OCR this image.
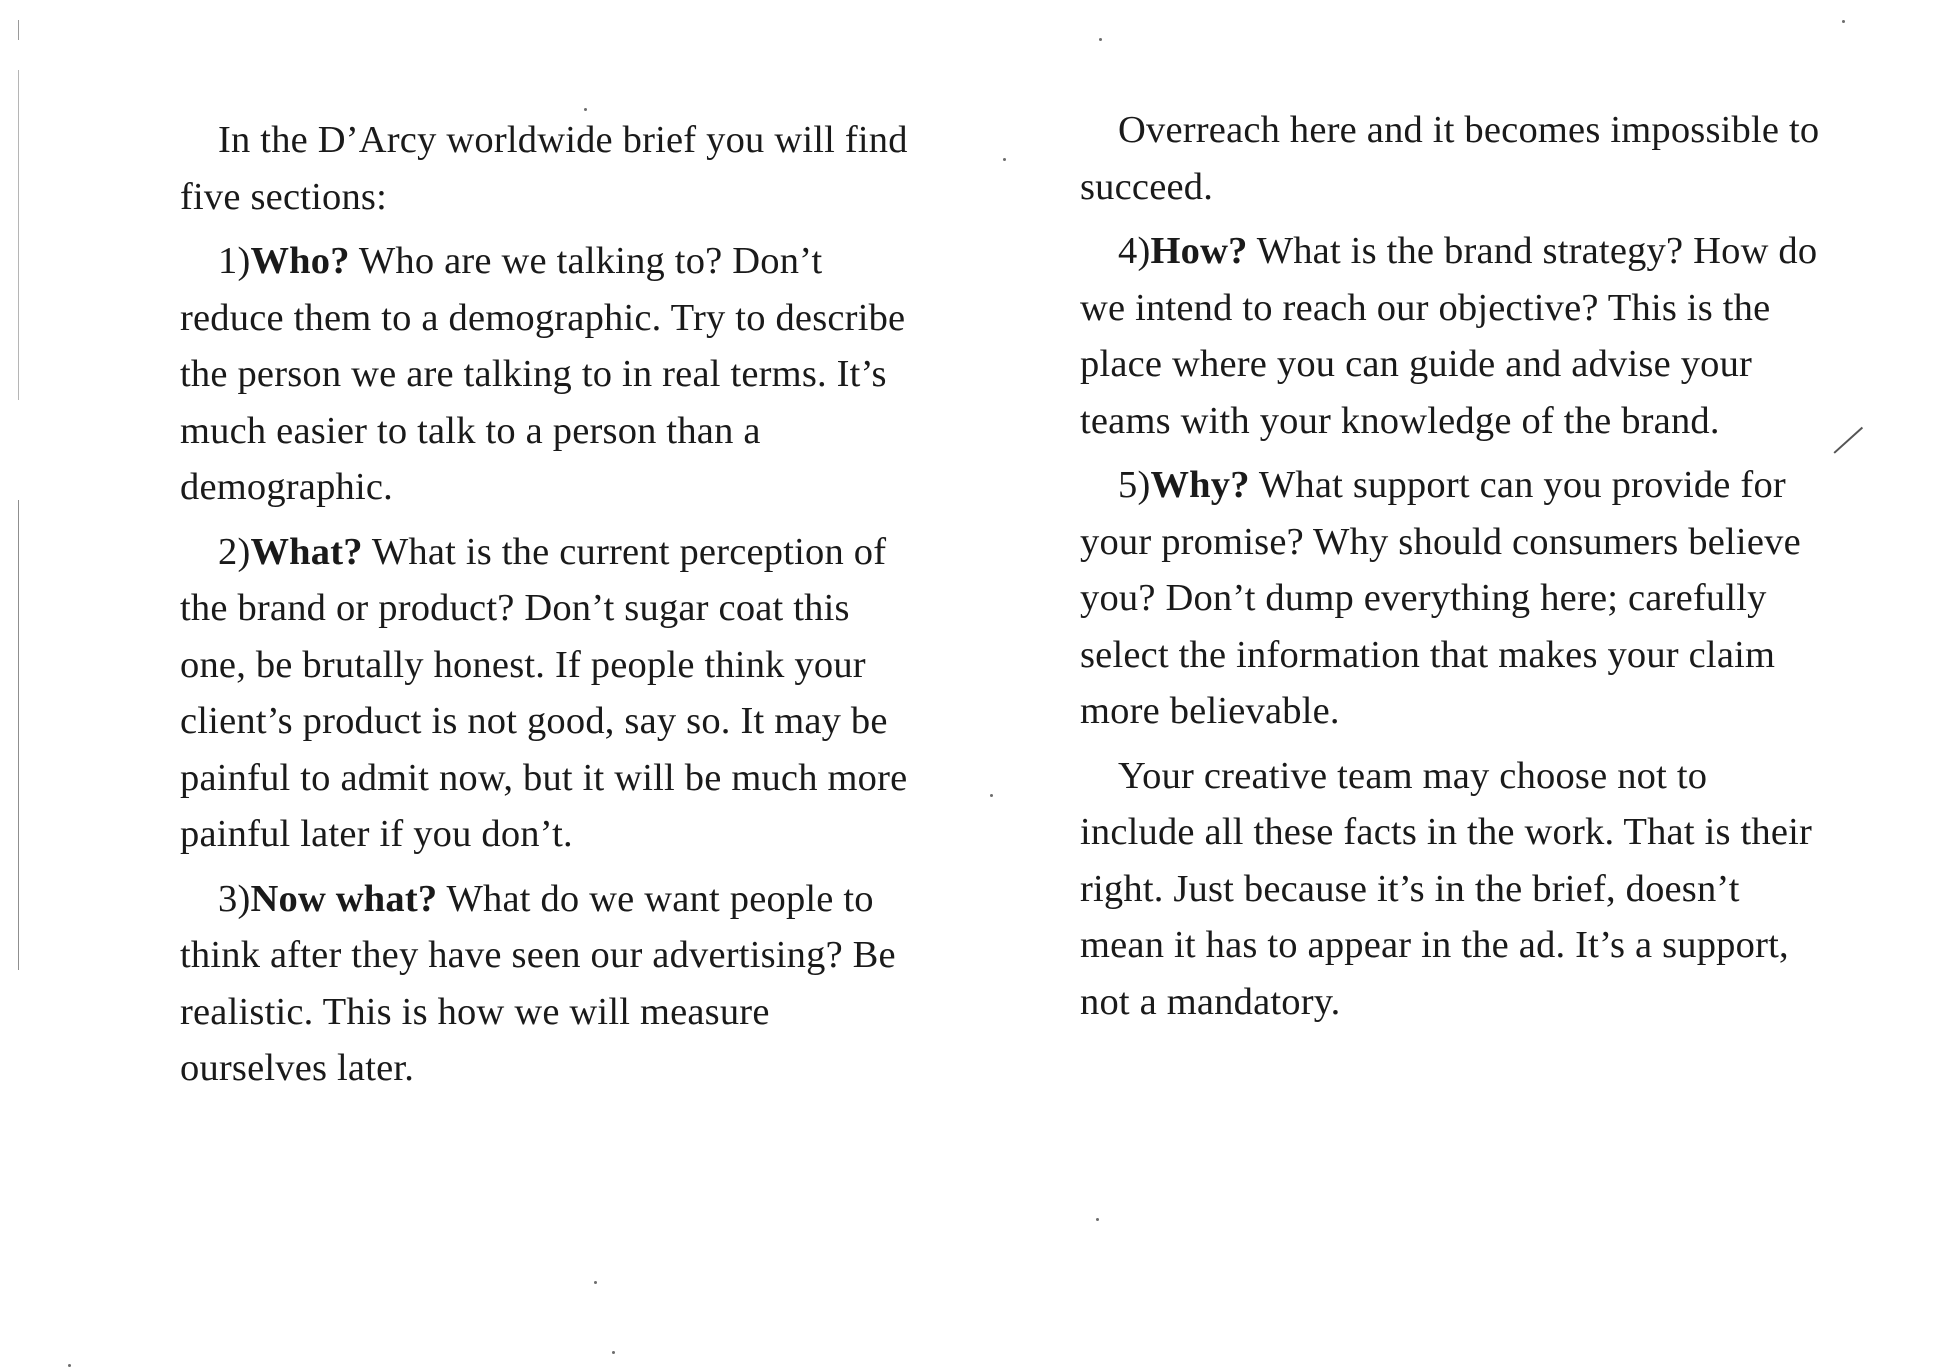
In the D’Arcy worldwide brief you will find five sections:

1)Who? Who are we talking to? Don’t reduce them to a demographic. Try to describe the person we are talking to in real terms. It’s much easier to talk to a person than a demographic.

2)What? What is the current perception of the brand or product? Don’t sugar coat this one, be brutally honest. If people think your client’s product is not good, say so. It may be painful to admit now, but it will be much more painful later if you don’t.

3)Now what? What do we want people to think after they have seen our advertising? Be realistic. This is how we will measure ourselves later.

Overreach here and it becomes impossible to succeed.

4)How? What is the brand strategy? How do we intend to reach our objective? This is the place where you can guide and advise your teams with your knowledge of the brand.

5)Why? What support can you provide for your promise? Why should consumers believe you? Don’t dump everything here; carefully select the information that makes your claim more believable.

Your creative team may choose not to include all these facts in the work. That is their right. Just because it’s in the brief, doesn’t mean it has to appear in the ad. It’s a support, not a mandatory.
